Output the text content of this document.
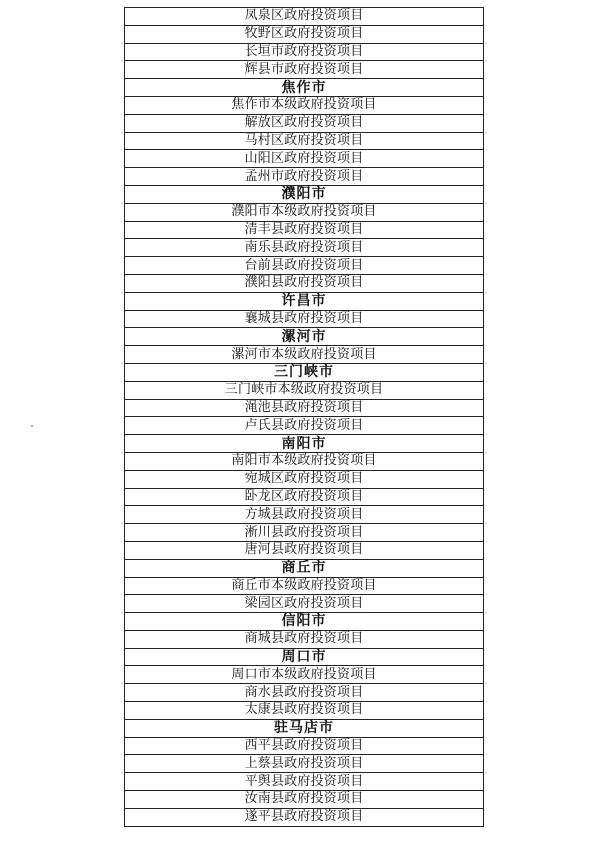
凤泉区政府投资项目
牧野区政府投资项目
长垣市政府投资项目
辉县市政府投资项目
焦作市
焦作市本级政府投资项目
解放区政府投资项目
马村区政府投资项目
山阳区政府投资项目
孟州市政府投资项目
濮阳市
濮阳市本级政府投资项目
清丰县政府投资项目
南乐县政府投资项目
台前县政府投资项目
濮阳县政府投资项目
许昌市
襄城县政府投资项目
漯河市
漯河市本级政府投资项目
三门峡市
三门峡市本级政府投资项目
渑池县政府投资项目
卢氏县政府投资项目
南阳市
南阳市本级政府投资项目
宛城区政府投资项目
卧龙区政府投资项目
方城县政府投资项目
淅川县政府投资项目
唐河县政府投资项目
商丘市
商丘市本级政府投资项目
梁园区政府投资项目
信阳市
商城县政府投资项目
周口市
周口市本级政府投资项目
商水县政府投资项目
太康县政府投资项目
驻马店市
西平县政府投资项目
上蔡县政府投资项目
平舆县政府投资项目
汝南县政府投资项目
遂平县政府投资项目
